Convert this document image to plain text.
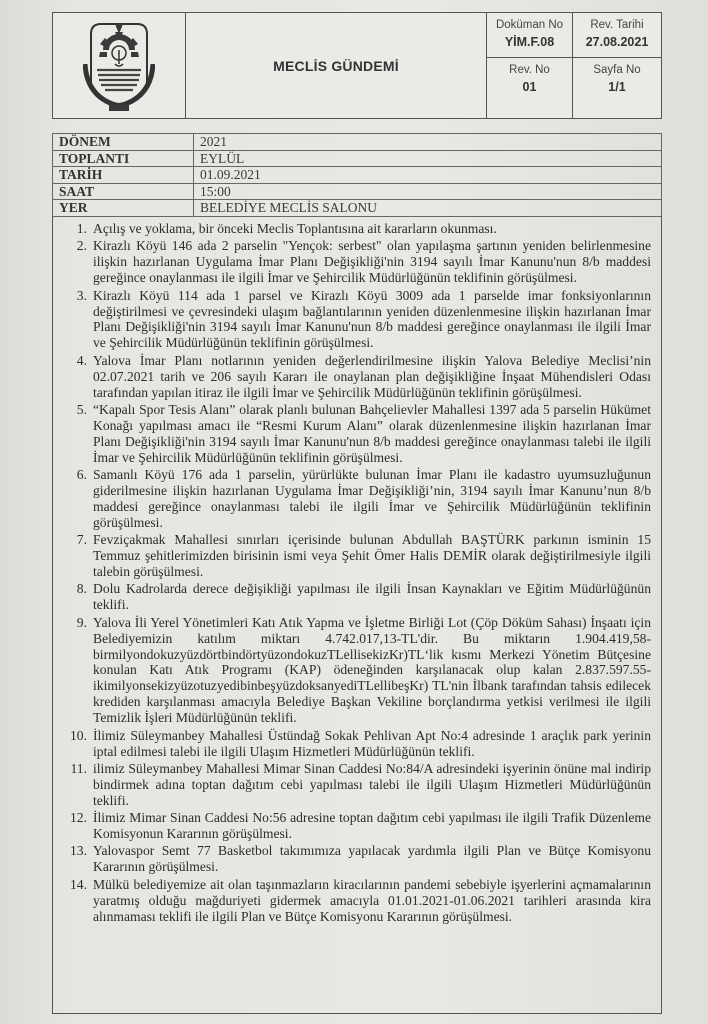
MECLİS GÜNDEMİ
Doküman No
YİM.F.08
Rev. Tarihi
27.08.2021
Rev. No
01
Sayfa No
1/1
DÖNEM	2021
TOPLANTI	EYLÜL
TARİH	01.09.2021
SAAT	15:00
YER	BELEDİYE MECLİS SALONU
1. Açılış ve yoklama, bir önceki Meclis Toplantısına ait kararların okunması.
2. Kirazlı Köyü 146 ada 2 parselin "Yençok: serbest" olan yapılaşma şartının yeniden belirlenmesine ilişkin hazırlanan Uygulama İmar Planı Değişikliği'nin 3194 sayılı İmar Kanunu'nun 8/b maddesi gereğince onaylanması ile ilgili İmar ve Şehircilik Müdürlüğünün teklifinin görüşülmesi.
3. Kirazlı Köyü 114 ada 1 parsel ve Kirazlı Köyü 3009 ada 1 parselde imar fonksiyonlarının değiştirilmesi ve çevresindeki ulaşım bağlantılarının yeniden düzenlenmesine ilişkin hazırlanan İmar Planı Değişikliği'nin 3194 sayılı İmar Kanunu'nun 8/b maddesi gereğince onaylanması ile ilgili İmar ve Şehircilik Müdürlüğünün teklifinin görüşülmesi.
4. Yalova İmar Planı notlarının yeniden değerlendirilmesine ilişkin Yalova Belediye Meclisi’nin 02.07.2021 tarih ve 206 sayılı Kararı ile onaylanan plan değişikliğine İnşaat Mühendisleri Odası tarafından yapılan itiraz ile ilgili İmar ve Şehircilik Müdürlüğünün teklifinin görüşülmesi.
5. “Kapalı Spor Tesis Alanı” olarak planlı bulunan Bahçelievler Mahallesi 1397 ada 5 parselin Hükümet Konağı yapılması amacı ile “Resmi Kurum Alanı” olarak düzenlenmesine ilişkin hazırlanan İmar Planı Değişikliği'nin 3194 sayılı İmar Kanunu'nun 8/b maddesi gereğince onaylanması talebi ile ilgili İmar ve Şehircilik Müdürlüğünün teklifinin görüşülmesi.
6. Samanlı Köyü 176 ada 1 parselin, yürürlükte bulunan İmar Planı ile kadastro uyumsuzluğunun giderilmesine ilişkin hazırlanan Uygulama İmar Değişikliği’nin, 3194 sayılı İmar Kanunu’nun 8/b maddesi gereğince onaylanması talebi ile ilgili İmar ve Şehircilik Müdürlüğünün teklifinin görüşülmesi.
7. Fevziçakmak Mahallesi sınırları içerisinde bulunan Abdullah BAŞTÜRK parkının isminin 15 Temmuz şehitlerimizden birisinin ismi veya Şehit Ömer Halis DEMİR olarak değiştirilmesiyle ilgili talebin görüşülmesi.
8. Dolu Kadrolarda derece değişikliği yapılması ile ilgili İnsan Kaynakları ve Eğitim Müdürlüğünün teklifi.
9. Yalova İli Yerel Yönetimleri Katı Atık Yapma ve İşletme Birliği Lot (Çöp Döküm Sahası) İnşaatı için Belediyemizin katılım miktarı 4.742.017,13-TL'dir. Bu miktarın 1.904.419,58-birmilyondokuzyüzdörtbindörtyüzondokuzTLellisekizKr)TL‘lik kısmı Merkezi Yönetim Bütçesine konulan Katı Atık Programı (KAP) ödeneğinden karşılanacak olup kalan 2.837.597.55-ikimilyonsekizyüzotuzyedibinbeşyüzdoksanyediTLellibeşKr) TL'nin İlbank tarafından tahsis edilecek krediden karşılanması amacıyla Belediye Başkan Vekiline borçlandırma yetkisi verilmesi ile ilgili Temizlik İşleri Müdürlüğünün teklifi.
10. İlimiz Süleymanbey Mahallesi Üstündağ Sokak Pehlivan Apt No:4 adresinde 1 araçlık park yerinin iptal edilmesi talebi ile ilgili Ulaşım Hizmetleri Müdürlüğünün teklifi.
11. ilimiz Süleymanbey Mahallesi Mimar Sinan Caddesi No:84/A adresindeki işyerinin önüne mal indirip bindirmek adına toptan dağıtım cebi yapılması talebi ile ilgili Ulaşım Hizmetleri Müdürlüğünün teklifi.
12. İlimiz Mimar Sinan Caddesi No:56 adresine toptan dağıtım cebi yapılması ile ilgili Trafik Düzenleme Komisyonun Kararının görüşülmesi.
13. Yalovaspor Semt 77 Basketbol takımımıza yapılacak yardımla ilgili Plan ve Bütçe Komisyonu Kararının görüşülmesi.
14. Mülkü belediyemize ait olan taşınmazların kiracılarının pandemi sebebiyle işyerlerini açmamalarının yaratmış olduğu mağduriyeti gidermek amacıyla 01.01.2021-01.06.2021 tarihleri arasında kira alınmaması teklifi ile ilgili Plan ve Bütçe Komisyonu Kararının görüşülmesi.
